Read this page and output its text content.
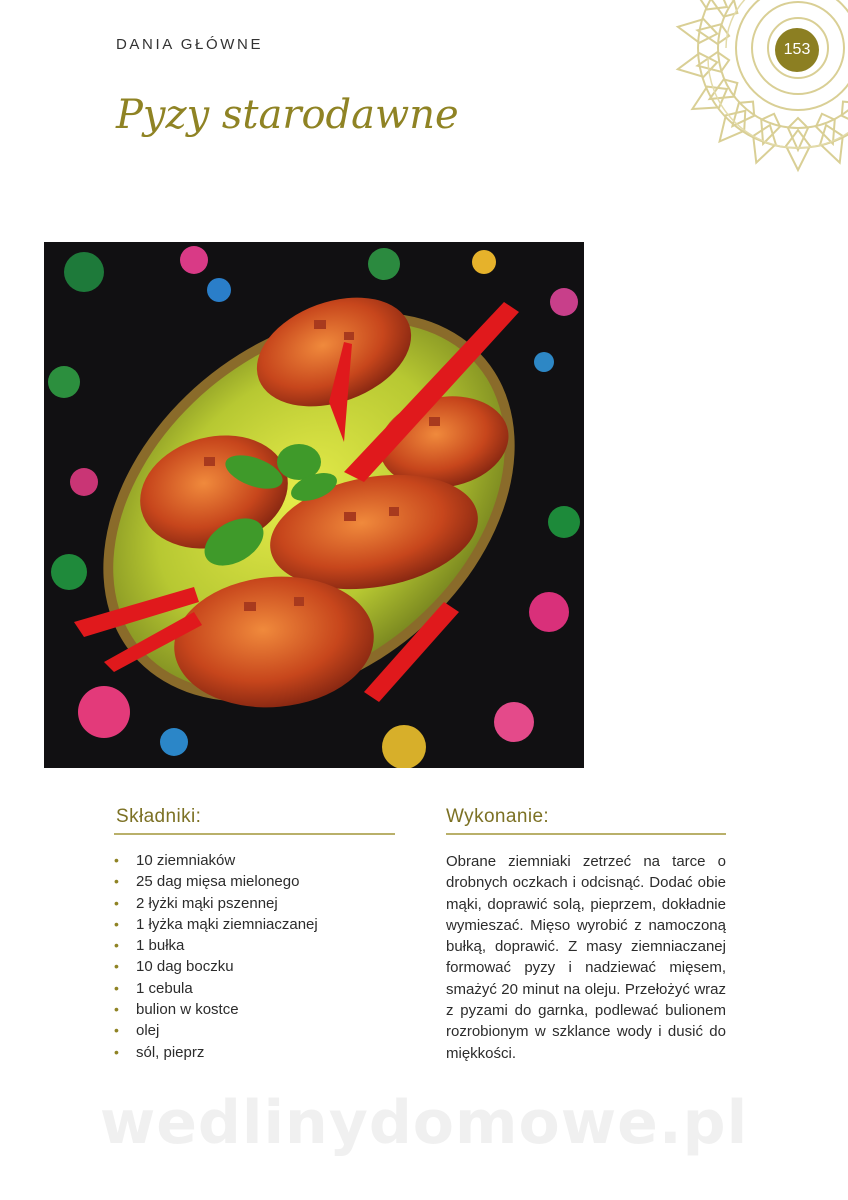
DANIA GŁÓWNE
Pyzy starodawne
153
Składniki:
• 10 ziemniaków
• 25 dag mięsa mielonego
• 2 łyżki mąki pszennej
• 1 łyżka mąki ziemniaczanej
• 1 bułka
• 10 dag boczku
• 1 cebula
• bulion w kostce
• olej
• sól, pieprz
Wykonanie:

Obrane ziemniaki zetrzeć na tarce o drobnych oczkach i odcisnąć. Dodać obie mąki, doprawić solą, pieprzem, dokładnie wymieszać. Mięso wyrobić z namoczoną bułką, doprawić. Z masy ziemniaczanej formować pyzy i nadziewać mięsem, smażyć 20 minut na oleju. Przełożyć wraz z pyzami do garnka, podlewać bulionem rozrobionym w szklance wody i dusić do miękkości.

wedlinydomowe.pl
